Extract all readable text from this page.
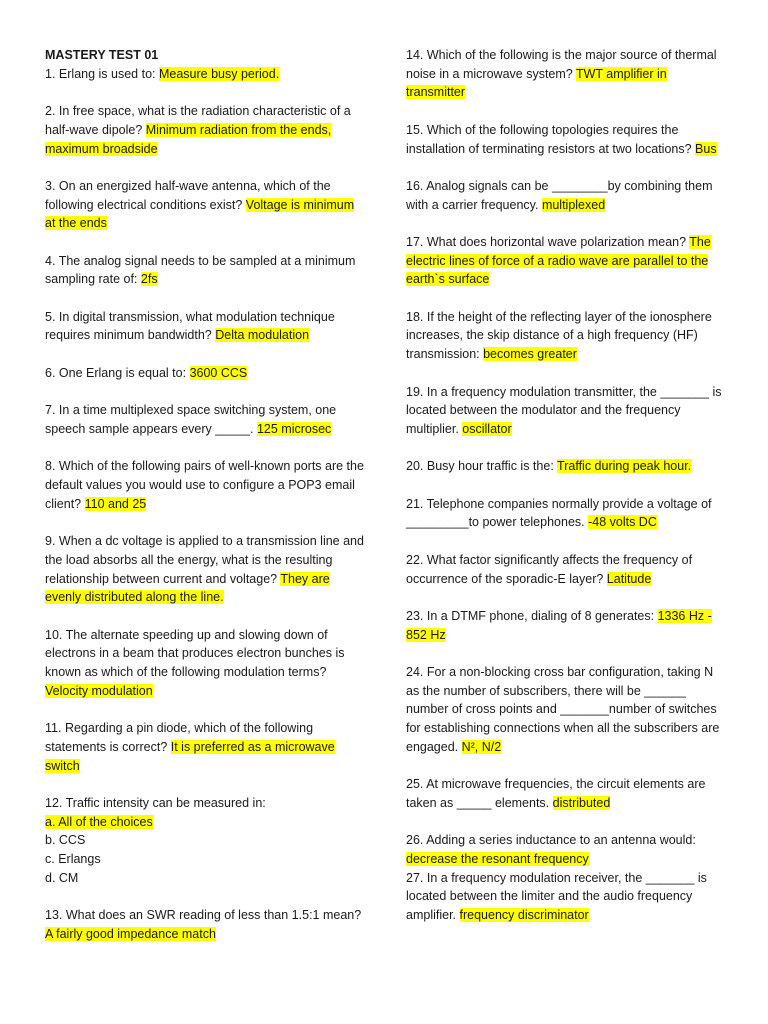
MASTERY TEST 01

1. Erlang is used to: Measure busy period.
2. In free space, what is the radiation characteristic of a half-wave dipole? Minimum radiation from the ends, maximum broadside
3. On an energized half-wave antenna, which of the following electrical conditions exist? Voltage is minimum at the ends
4. The analog signal needs to be sampled at a minimum sampling rate of: 2fs
5. In digital transmission, what modulation technique requires minimum bandwidth? Delta modulation
6. One Erlang is equal to: 3600 CCS
7. In a time multiplexed space switching system, one speech sample appears every _____. 125 microsec
8. Which of the following pairs of well-known ports are the default values you would use to configure a POP3 email client? 110 and 25
9. When a dc voltage is applied to a transmission line and the load absorbs all the energy, what is the resulting relationship between current and voltage? They are evenly distributed along the line.
10. The alternate speeding up and slowing down of electrons in a beam that produces electron bunches is known as which of the following modulation terms? Velocity modulation
11. Regarding a pin diode, which of the following statements is correct? It is preferred as a microwave switch
12. Traffic intensity can be measured in:
a. All of the choices
b. CCS
c. Erlangs
d. CM
13. What does an SWR reading of less than 1.5:1 mean? A fairly good impedance match
14. Which of the following is the major source of thermal noise in a microwave system? TWT amplifier in transmitter
15. Which of the following topologies requires the installation of terminating resistors at two locations? Bus
16. Analog signals can be ________by combining them with a carrier frequency. multiplexed
17. What does horizontal wave polarization mean? The electric lines of force of a radio wave are parallel to the earth`s surface
18. If the height of the reflecting layer of the ionosphere increases, the skip distance of a high frequency (HF) transmission: becomes greater
19. In a frequency modulation transmitter, the _______ is located between the modulator and the frequency multiplier. oscillator
20. Busy hour traffic is the: Traffic during peak hour.
21. Telephone companies normally provide a voltage of _________to power telephones. -48 volts DC
22. What factor significantly affects the frequency of occurrence of the sporadic-E layer? Latitude
23. In a DTMF phone, dialing of 8 generates: 1336 Hz - 852 Hz
24. For a non-blocking cross bar configuration, taking N as the number of subscribers, there will be ______ number of cross points and _______number of switches for establishing connections when all the subscribers are engaged. N², N/2
25. At microwave frequencies, the circuit elements are taken as _____ elements. distributed
26. Adding a series inductance to an antenna would: decrease the resonant frequency
27. In a frequency modulation receiver, the _______ is located between the limiter and the audio frequency amplifier. frequency discriminator
